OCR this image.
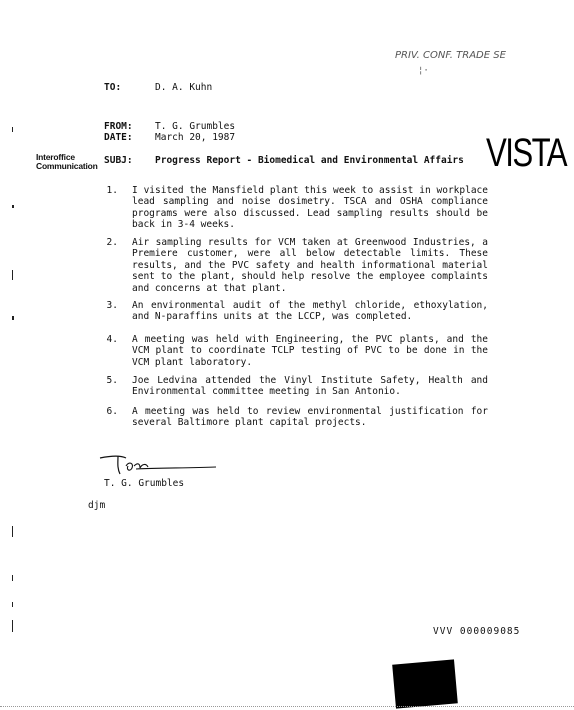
PRIV. CONF. TRADE SE
¦·
TO:	D. A. Kuhn
FROM: T. G. Grumbles
DATE: March 20, 1987
Interoffice
Communication SUBJ: Progress Report - Biomedical and Environmental Affairs VISTA
1. I visited the Mansfield plant this week to assist in workplace lead sampling and noise dosimetry. TSCA and OSHA compliance programs were also discussed. Lead sampling results should be back in 3-4 weeks.
2. Air sampling results for VCM taken at Greenwood Industries, a Premiere customer, were all below detectable limits. These results, and the PVC safety and health informational material sent to the plant, should help resolve the employee complaints and concerns at that plant.
3. An environmental audit of the methyl chloride, ethoxylation, and N-paraffins units at the LCCP, was completed.
4. A meeting was held with Engineering, the PVC plants, and the VCM plant to coordinate TCLP testing of PVC to be done in the VCM plant laboratory.
5. Joe Ledvina attended the Vinyl Institute Safety, Health and Environmental committee meeting in San Antonio.
6. A meeting was held to review environmental justification for several Baltimore plant capital projects.
T. G. Grumbles
djm
VVV 000009085
